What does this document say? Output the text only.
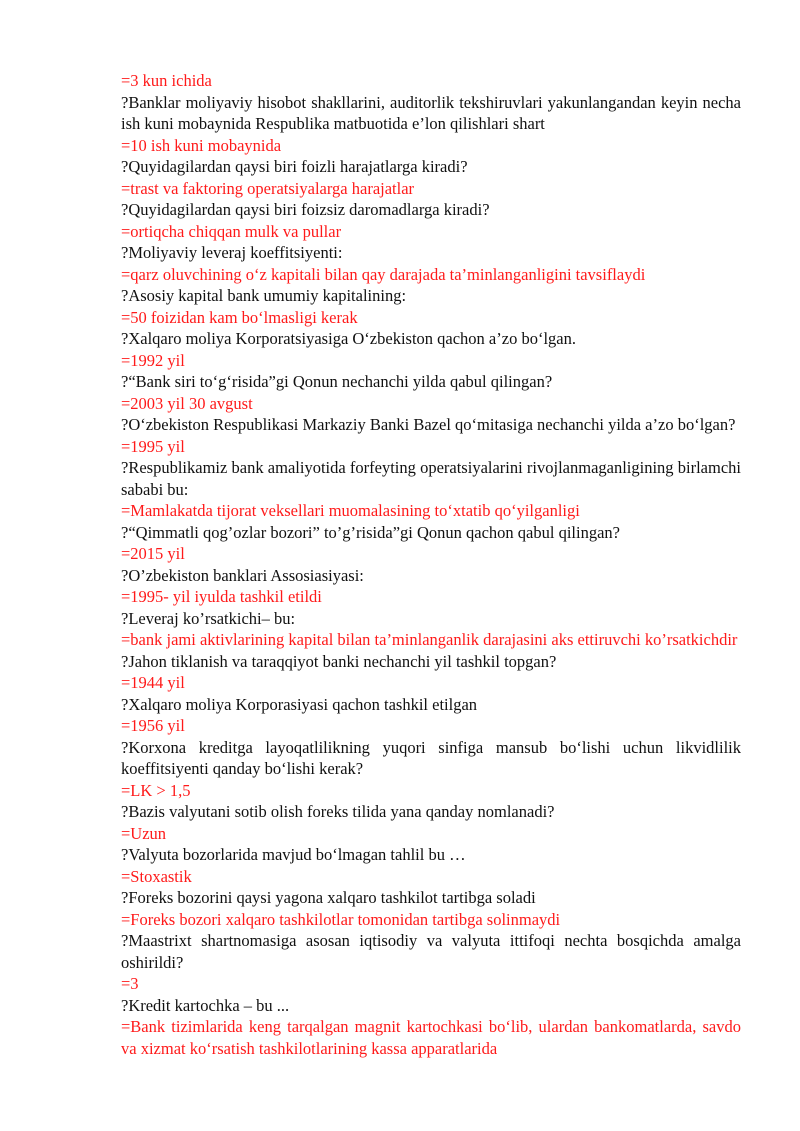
=3 kun ichida

?Banklar moliyaviy hisobot shakllarini, auditorlik tekshiruvlari yakunlangandan keyin necha ish kuni mobaynida Respublika matbuotida e’lon qilishlari shart

=10 ish kuni mobaynida

?Quyidagilardan qaysi biri foizli harajatlarga kiradi?

=trast va faktoring operatsiyalarga harajatlar

?Quyidagilardan qaysi biri foizsiz daromadlarga kiradi?

=ortiqcha chiqqan mulk va pullar

?Moliyaviy leveraj koeffitsiyenti:

=qarz oluvchining o‘z kapitali bilan qay darajada ta’minlanganligini tavsiflaydi

?Asosiy kapital bank umumiy kapitalining:

=50 foizidan kam bo‘lmasligi kerak

?Xalqaro moliya Korporatsiyasiga O‘zbekiston qachon a’zo bo‘lgan.

=1992 yil

?“Bank siri to‘g‘risida”gi Qonun nechanchi yilda qabul qilingan?

=2003 yil 30 avgust

?O‘zbekiston Respublikasi Markaziy Banki Bazel qo‘mitasiga nechanchi yilda a’zo bo‘lgan?

=1995 yil

?Respublikamiz bank amaliyotida forfeyting operatsiyalarini rivojlanmaganligining birlamchi sababi bu:

=Mamlakatda tijorat veksellari muomalasining to‘xtatib qo‘yilganligi

?“Qimmatli qog’ozlar bozori” to’g’risida”gi Qonun qachon qabul qilingan?

=2015 yil

?O’zbekiston banklari Assosiasiyasi:

=1995- yil iyulda tashkil etildi

?Leveraj ko’rsatkichi– bu:

=bank jami aktivlarining kapital bilan ta’minlanganlik darajasini aks ettiruvchi ko’rsatkichdir

?Jahon tiklanish va taraqqiyot banki nechanchi yil tashkil topgan?

=1944 yil

?Xalqaro moliya Korporasiyasi qachon tashkil etilgan

=1956 yil

?Korxona kreditga layoqatlilikning yuqori sinfiga mansub bo‘lishi uchun likvidlilik koeffitsiyenti qanday bo‘lishi kerak?

=LK > 1,5

?Bazis valyutani sotib olish foreks tilida yana qanday nomlanadi?

=Uzun

?Valyuta bozorlarida mavjud bo‘lmagan tahlil bu …

=Stoxastik

?Foreks bozorini qaysi yagona xalqaro tashkilot tartibga soladi

=Foreks bozori xalqaro tashkilotlar tomonidan tartibga solinmaydi

?Maastrixt shartnomasiga asosan iqtisodiy va valyuta ittifoqi nechta bosqichda amalga oshirildi?

=3

?Kredit kartochka – bu ...

=Bank tizimlarida keng tarqalgan magnit kartochkasi bo‘lib, ulardan bankomatlarda, savdo va xizmat ko‘rsatish tashkilotlarining kassa apparatlarida
